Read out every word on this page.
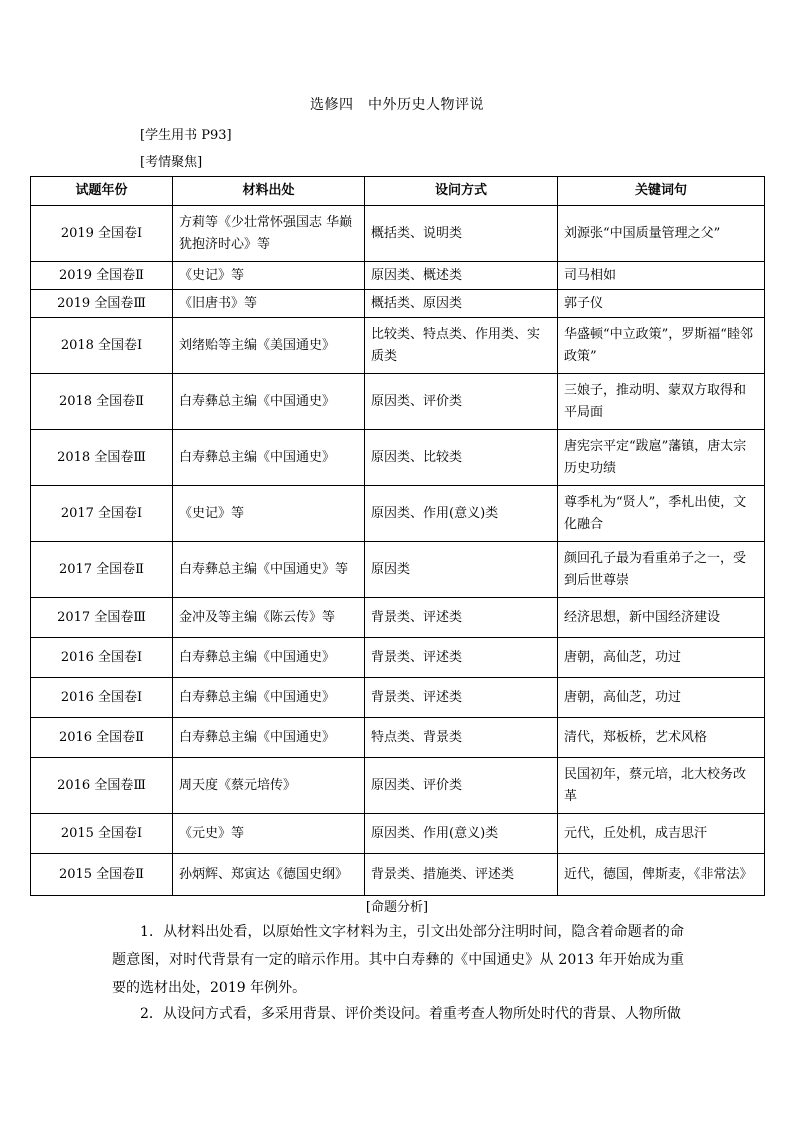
选修四　中外历史人物评说
[学生用书 P93]
[考情聚焦]
试题年份	材料出处	设问方式	关键词句
2019 全国卷Ⅰ	方莉等《少壮常怀强国志 华巅犹抱济时心》等	概括类、说明类	刘源张“中国质量管理之父”
2019 全国卷Ⅱ	《史记》等	原因类、概述类	司马相如
2019 全国卷Ⅲ	《旧唐书》等	概括类、原因类	郭子仪
2018 全国卷Ⅰ	刘绪贻等主编《美国通史》	比较类、特点类、作用类、实质类	华盛顿“中立政策”，罗斯福“睦邻政策”
2018 全国卷Ⅱ	白寿彝总主编《中国通史》	原因类、评价类	三娘子，推动明、蒙双方取得和平局面
2018 全国卷Ⅲ	白寿彝总主编《中国通史》	原因类、比较类	唐宪宗平定“跋扈”藩镇，唐太宗历史功绩
2017 全国卷Ⅰ	《史记》等	原因类、作用(意义)类	尊季札为“贤人”，季札出使，文化融合
2017 全国卷Ⅱ	白寿彝总主编《中国通史》等	原因类	颜回孔子最为看重弟子之一，受到后世尊崇
2017 全国卷Ⅲ	金冲及等主编《陈云传》等	背景类、评述类	经济思想，新中国经济建设
2016 全国卷Ⅰ	白寿彝总主编《中国通史》	背景类、评述类	唐朝，高仙芝，功过
2016 全国卷Ⅰ	白寿彝总主编《中国通史》	背景类、评述类	唐朝，高仙芝，功过
2016 全国卷Ⅱ	白寿彝总主编《中国通史》	特点类、背景类	清代，郑板桥，艺术风格
2016 全国卷Ⅲ	周天度《蔡元培传》	原因类、评价类	民国初年，蔡元培，北大校务改革
2015 全国卷Ⅰ	《元史》等	原因类、作用(意义)类	元代，丘处机，成吉思汗
2015 全国卷Ⅱ	孙炳辉、郑寅达《德国史纲》	背景类、措施类、评述类	近代，德国，俾斯麦，《非常法》
[命题分析]
1．从材料出处看，以原始性文字材料为主，引文出处部分注明时间，隐含着命题者的命题意图，对时代背景有一定的暗示作用。其中白寿彝的《中国通史》从 2013 年开始成为重要的选材出处，2019 年例外。
2．从设问方式看，多采用背景、评价类设问。着重考查人物所处时代的背景、人物所做
